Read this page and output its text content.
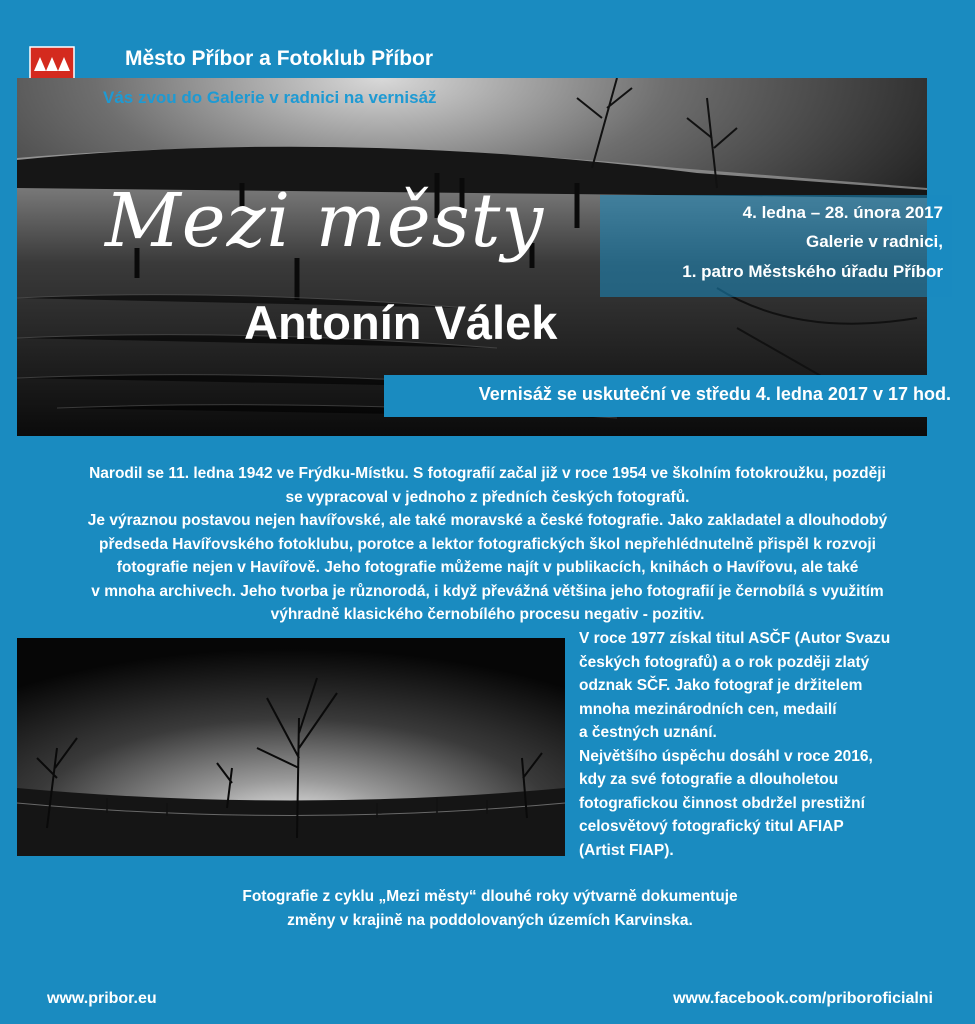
Město Příbor a Fotoklub Příbor
Vás zvou do Galerie v radnici na vernisáž
Mezi městy
Antonín Válek
4. ledna – 28. února 2017
Galerie v radnici,
1. patro Městského úřadu Příbor
Vernisáž se uskuteční ve středu 4. ledna 2017 v 17 hod.

Narodil se 11. ledna 1942 ve Frýdku-Místku. S fotografií začal již v roce 1954 ve školním fotokroužku, později

se vypracoval v jednoho z předních českých fotografů.

Je výraznou postavou nejen havířovské, ale také moravské a české fotografie. Jako zakladatel a dlouhodobý

předseda Havířovského fotoklubu, porotce a lektor fotografických škol nepřehlédnutelně přispěl k rozvoji

fotografie nejen v Havířově. Jeho fotografie můžeme najít v publikacích, knihách o Havířovu, ale také

v mnoha archivech. Jeho tvorba je různorodá, i když převážná většina jeho fotografií je černobílá s využitím

výhradně klasického černobílého procesu negativ - pozitiv.

V roce 1977 získal titul ASČF (Autor Svazu

českých fotografů) a o rok později zlatý

odznak SČF. Jako fotograf je držitelem

mnoha mezinárodních cen, medailí

a čestných uznání.

Největšího úspěchu dosáhl v roce 2016,

kdy za své fotografie a dlouholetou

fotografickou činnost obdržel prestižní

celosvětový fotografický titul AFIAP

(Artist FIAP).

Fotografie z cyklu „Mezi městy“ dlouhé roky výtvarně dokumentuje

změny v krajině na poddolovaných územích Karvinska.

www.pribor.eu	www.facebook.com/priboroficialni
